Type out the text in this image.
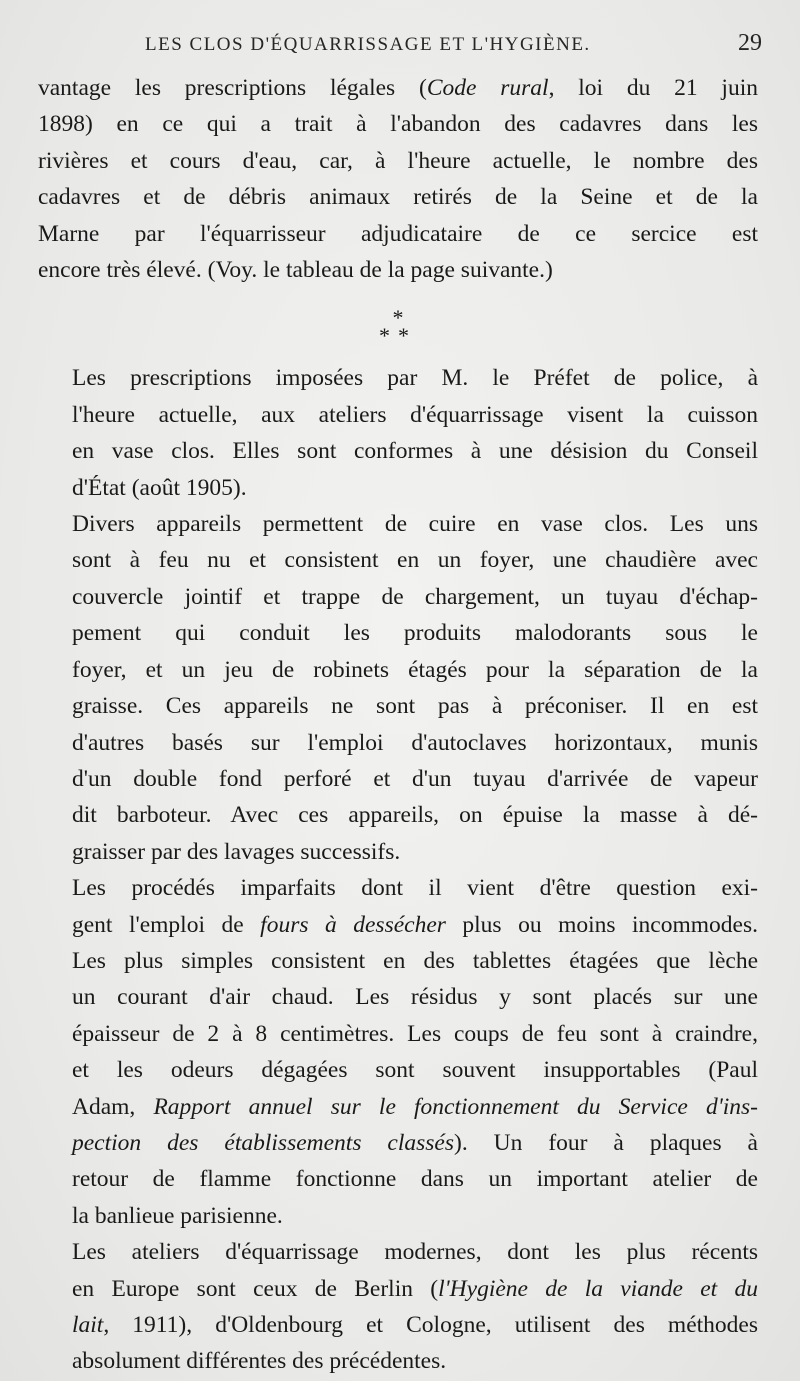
LES CLOS D'ÉQUARRISSAGE ET L'HYGIÈNE.	29

vantage les prescriptions légales (Code rural, loi du 21 juin
1898) en ce qui a trait à l'abandon des cadavres dans les
rivières et cours d'eau, car, à l'heure actuelle, le nombre des
cadavres et de débris animaux retirés de la Seine et de la
Marne par l'équarrisseur adjudicataire de ce sercice est
encore très élevé. (Voy. le tableau de la page suivante.)

*
**

Les prescriptions imposées par M. le Préfet de police, à
l'heure actuelle, aux ateliers d'équarrissage visent la cuisson
en vase clos. Elles sont conformes à une désision du Conseil
d'État (août 1905).

Divers appareils permettent de cuire en vase clos. Les uns
sont à feu nu et consistent en un foyer, une chaudière avec
couvercle jointif et trappe de chargement, un tuyau d'échap-
pement qui conduit les produits malodorants sous le
foyer, et un jeu de robinets étagés pour la séparation de la
graisse. Ces appareils ne sont pas à préconiser. Il en est
d'autres basés sur l'emploi d'autoclaves horizontaux, munis
d'un double fond perforé et d'un tuyau d'arrivée de vapeur
dit barboteur. Avec ces appareils, on épuise la masse à dé-
graisser par des lavages successifs.

Les procédés imparfaits dont il vient d'être question exi-
gent l'emploi de fours à dessécher plus ou moins incommodes.
Les plus simples consistent en des tablettes étagées que lèche
un courant d'air chaud. Les résidus y sont placés sur une
épaisseur de 2 à 8 centimètres. Les coups de feu sont à craindre,
et les odeurs dégagées sont souvent insupportables (Paul
Adam, Rapport annuel sur le fonctionnement du Service d'ins-
pection des établissements classés). Un four à plaques à
retour de flamme fonctionne dans un important atelier de
la banlieue parisienne.

Les ateliers d'équarrissage modernes, dont les plus récents
en Europe sont ceux de Berlin (l'Hygiène de la viande et du
lait, 1911), d'Oldenbourg et Cologne, utilisent des méthodes
absolument différentes des précédentes.
